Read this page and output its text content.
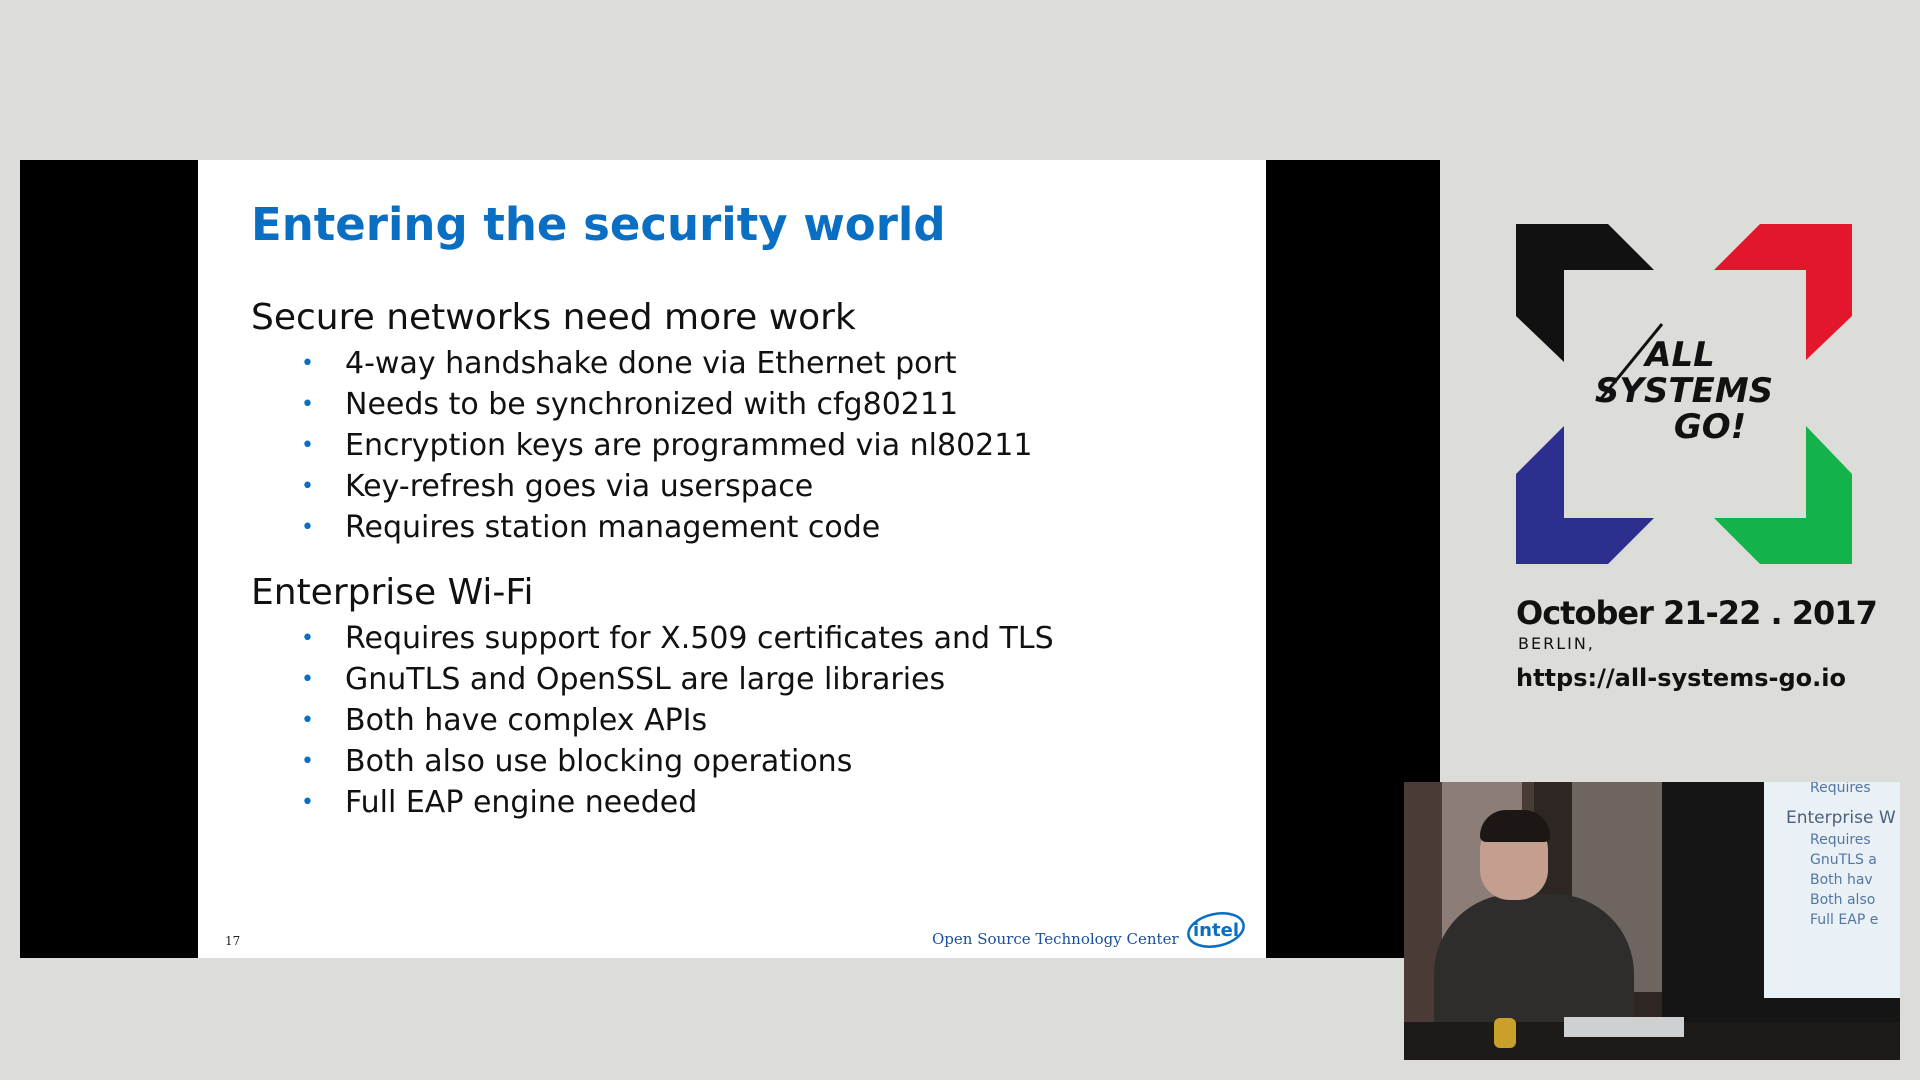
Entering the security world
Secure networks need more work
• 4-way handshake done via Ethernet port
• Needs to be synchronized with cfg80211
• Encryption keys are programmed via nl80211
• Key-refresh goes via userspace
• Requires station management code
Enterprise Wi-Fi
• Requires support for X.509 certificates and TLS
• GnuTLS and OpenSSL are large libraries
• Both have complex APIs
• Both also use blocking operations
• Full EAP engine needed
17	Open Source Technology Center intel
ALL
SYSTEMS
GO!
October 21-22 . 2017
BERLIN,
https://all-systems-go.io
Requires
Enterprise W
Requires
GnuTLS a
Both hav
Both also
Full EAP e
